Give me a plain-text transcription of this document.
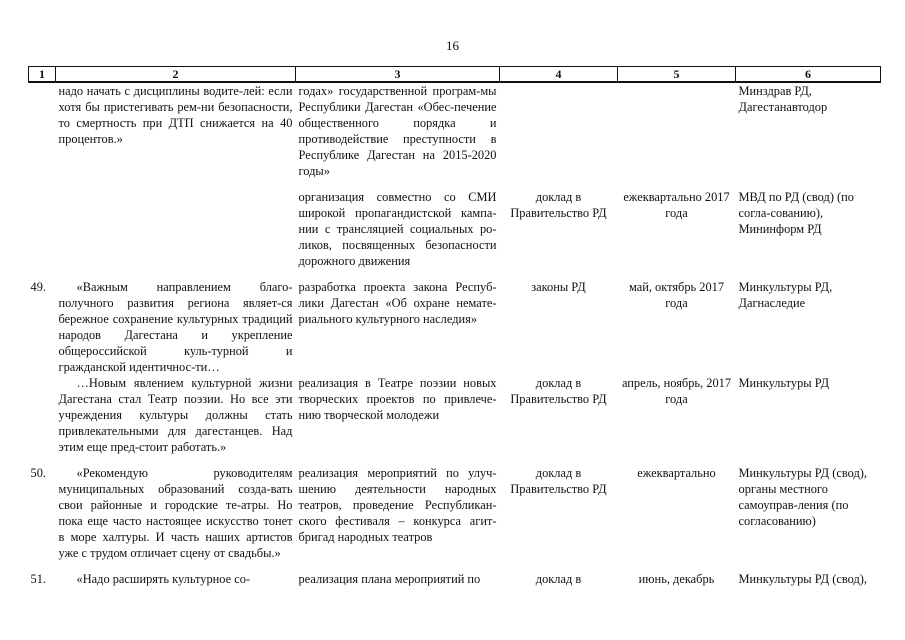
16
1	2	3	4	5	6
	надо начать с дисциплины водите-лей: если хотя бы пристегивать рем-ни безопасности, то смертность при ДТП снижается на 40 процентов.»	годах» государственной програм-мы Республики Дагестан «Обес-печение общественного порядка и противодействие преступности в Республике Дагестан на 2015-2020 годы»			Минздрав РД, Дагестанавтодор

		организация совместно со СМИ широкой пропагандистской кампа-нии с трансляцией социальных ро-ликов, посвященных безопасности дорожного движения	доклад в Правительство РД	ежеквартально 2017 года	МВД по РД (свод) (по согла-сованию), Мининформ РД

49.	«Важным направлением благо-получного развития региона являет-ся бережное сохранение культурных традиций народов Дагестана и укрепление общероссийской куль-турной и гражданской идентичнос-ти…	разработка проекта закона Респуб-лики Дагестан «Об охране немате-риального культурного наследия»	законы РД	май, октябрь 2017 года	Минкультуры РД, Дагнаследие
	…Новым явлением культурной жизни Дагестана стал Театр поэзии. Но все эти учреждения культуры должны стать привлекательными для дагестанцев. Над этим еще пред-стоит работать.»	реализация в Театре поэзии новых творческих проектов по привлече-нию творческой молодежи	доклад в Правительство РД	апрель, ноябрь, 2017 года	Минкультуры РД

50.	«Рекомендую руководителям муниципальных образований созда-вать свои районные и городские те-атры. Но пока еще часто настоящее искусство тонет в море халтуры. И часть наших артистов уже с трудом отличает сцену от свадьбы.»	реализация мероприятий по улуч-шению деятельности народных театров, проведение Республикан-ского фестиваля – конкурса агит-бригад народных театров	доклад в Правительство РД	ежеквартально	Минкультуры РД (свод), органы местного самоуправ-ления (по согласованию)

51.	«Надо расширять культурное со-	реализация плана мероприятий по	доклад в	июнь, декабрь	Минкультуры РД (свод),
